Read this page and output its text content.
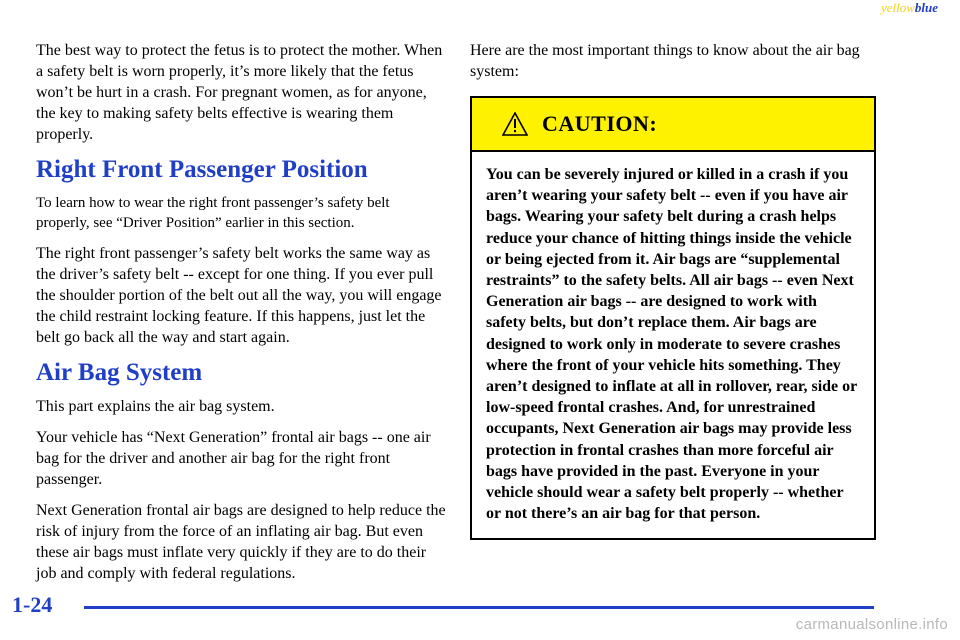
yellowblue

The best way to protect the fetus is to protect the mother. When a safety belt is worn properly, it’s more likely that the fetus won’t be hurt in a crash. For pregnant women, as for anyone, the key to making safety belts effective is wearing them properly.

Right Front Passenger Position

To learn how to wear the right front passenger’s safety belt properly, see “Driver Position” earlier in this section.

The right front passenger’s safety belt works the same way as the driver’s safety belt -- except for one thing. If you ever pull the shoulder portion of the belt out all the way, you will engage the child restraint locking feature. If this happens, just let the belt go back all the way and start again.

Air Bag System

This part explains the air bag system.

Your vehicle has “Next Generation” frontal air bags -- one air bag for the driver and another air bag for the right front passenger.

Next Generation frontal air bags are designed to help reduce the risk of injury from the force of an inflating air bag. But even these air bags must inflate very quickly if they are to do their job and comply with federal regulations.

Here are the most important things to know about the air bag system:

CAUTION:
You can be severely injured or killed in a crash if you aren’t wearing your safety belt -- even if you have air bags. Wearing your safety belt during a crash helps reduce your chance of hitting things inside the vehicle or being ejected from it. Air bags are “supplemental restraints” to the safety belts. All air bags -- even Next Generation air bags -- are designed to work with safety belts, but don’t replace them. Air bags are designed to work only in moderate to severe crashes where the front of your vehicle hits something. They aren’t designed to inflate at all in rollover, rear, side or low-speed frontal crashes. And, for unrestrained occupants, Next Generation air bags may provide less protection in frontal crashes than more forceful air bags have provided in the past. Everyone in your vehicle should wear a safety belt properly -- whether or not there’s an air bag for that person.
1-24
carmanualsonline.info
